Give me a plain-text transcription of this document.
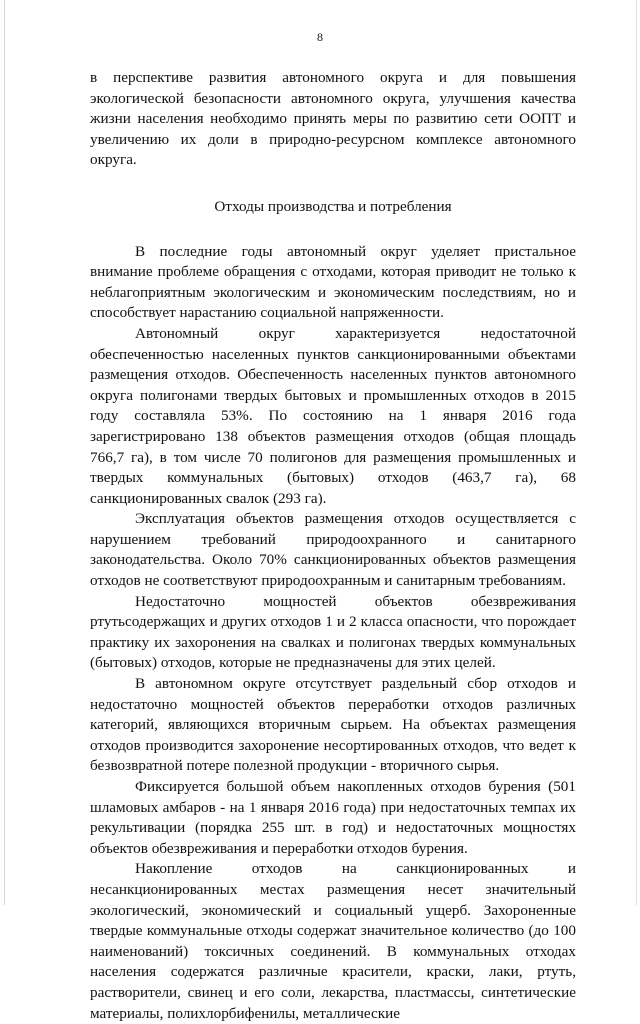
8

в перспективе развития автономного округа и для повышения экологической безопасности автономного округа, улучшения качества жизни населения необходимо принять меры по развитию сети ООПТ и увеличению их доли в природно-ресурсном комплексе автономного округа.

Отходы производства и потребления

В последние годы автономный округ уделяет пристальное внимание проблеме обращения с отходами, которая приводит не только к неблагоприятным экологическим и экономическим последствиям, но и способствует нарастанию социальной напряженности.

Автономный округ характеризуется недостаточной обеспеченностью населенных пунктов санкционированными объектами размещения отходов. Обеспеченность населенных пунктов автономного округа полигонами твердых бытовых и промышленных отходов в 2015 году составляла 53%. По состоянию на 1 января 2016 года зарегистрировано 138 объектов размещения отходов (общая площадь 766,7 га), в том числе 70 полигонов для размещения промышленных и твердых коммунальных (бытовых) отходов (463,7 га), 68 санкционированных свалок (293 га).

Эксплуатация объектов размещения отходов осуществляется с нарушением требований природоохранного и санитарного законодательства. Около 70% санкционированных объектов размещения отходов не соответствуют природоохранным и санитарным требованиям.

Недостаточно мощностей объектов обезвреживания ртутьсодержащих и других отходов 1 и 2 класса опасности, что порождает практику их захоронения на свалках и полигонах твердых коммунальных (бытовых) отходов, которые не предназначены для этих целей.

В автономном округе отсутствует раздельный сбор отходов и недостаточно мощностей объектов переработки отходов различных категорий, являющихся вторичным сырьем. На объектах размещения отходов производится захоронение несортированных отходов, что ведет к безвозвратной потере полезной продукции - вторичного сырья.

Фиксируется большой объем накопленных отходов бурения (501 шламовых амбаров - на 1 января 2016 года) при недостаточных темпах их рекультивации (порядка 255 шт. в год) и недостаточных мощностях объектов обезвреживания и переработки отходов бурения.

Накопление отходов на санкционированных и несанкционированных местах размещения несет значительный экологический, экономический и социальный ущерб. Захороненные твердые коммунальные отходы содержат значительное количество (до 100 наименований) токсичных соединений. В коммунальных отходах населения содержатся различные красители, краски, лаки, ртуть, растворители, свинец и его соли, лекарства, пластмассы, синтетические материалы, полихлорбифенилы, металлические
